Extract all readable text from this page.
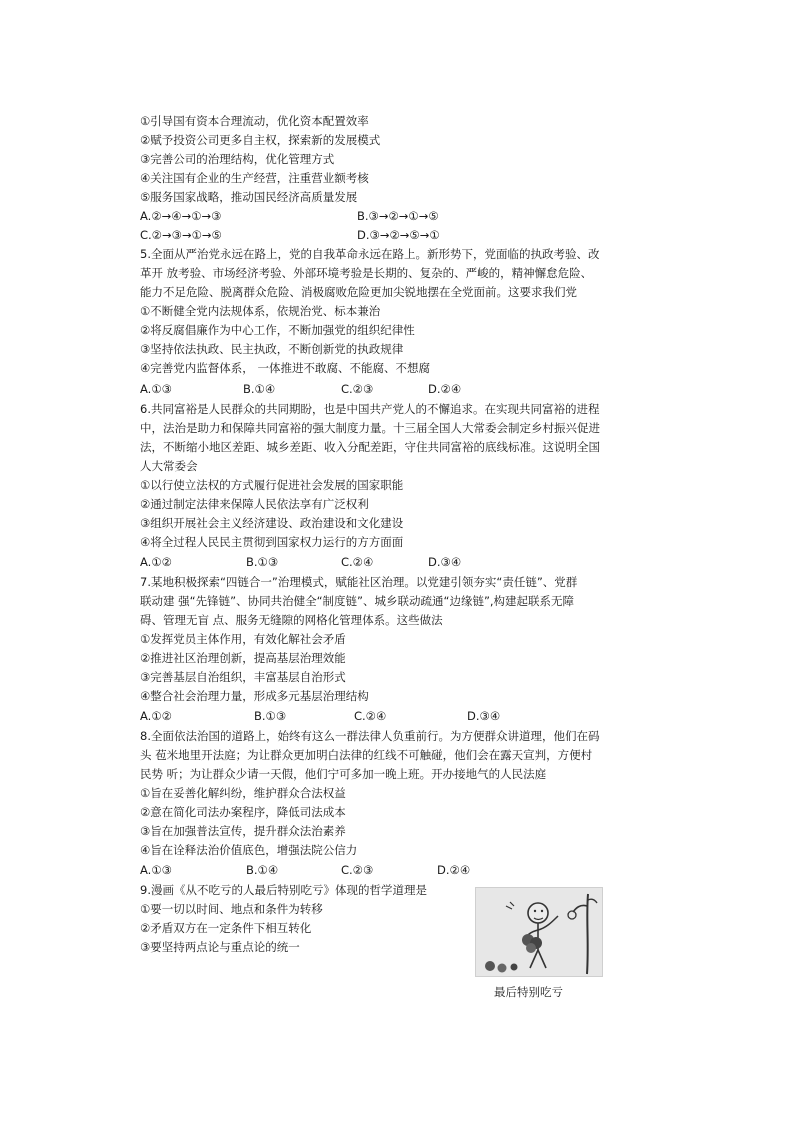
①引导国有资本合理流动，优化资本配置效率
②赋予投资公司更多自主权，探索新的发展模式
③完善公司的治理结构，优化管理方式
④关注国有企业的生产经营，注重营业额考核
⑤服务国家战略，推动国民经济高质量发展
A.②→④→①→③	B.③→②→①→⑤
C.②→③→①→⑤	D.③→②→⑤→①
5.全面从严治党永远在路上，党的自我革命永远在路上。新形势下，党面临的执政考验、改
革开 放考验、市场经济考验、外部环境考验是长期的、复杂的、严峻的，精神懈怠危险、
能力不足危险、脱离群众危险、消极腐败危险更加尖锐地摆在全党面前。这要求我们党
①不断健全党内法规体系，依规治党、标本兼治
②将反腐倡廉作为中心工作，不断加强党的组织纪律性
③坚持依法执政、民主执政，不断创新党的执政规律
④完善党内监督体系， 一体推进不敢腐、不能腐、不想腐
A.①③	B.①④	C.②③	D.②④
6.共同富裕是人民群众的共同期盼，也是中国共产党人的不懈追求。在实现共同富裕的进程
中，法治是助力和保障共同富裕的强大制度力量。十三届全国人大常委会制定乡村振兴促进
法，不断缩小地区差距、城乡差距、收入分配差距，守住共同富裕的底线标准。这说明全国
人大常委会
①以行使立法权的方式履行促进社会发展的国家职能
②通过制定法律来保障人民依法享有广泛权利
③组织开展社会主义经济建设、政治建设和文化建设
④将全过程人民民主贯彻到国家权力运行的方方面面
A.①②	B.①③	C.②④	D.③④
7.某地积极探索“四链合一”治理模式，赋能社区治理。以党建引领夯实“责任链”、党群
联动建 强“先锋链”、协同共治健全“制度链”、城乡联动疏通“边缘链”,构建起联系无障
碍、管理无盲 点、服务无缝隙的网格化管理体系。这些做法
①发挥党员主体作用，有效化解社会矛盾
②推进社区治理创新，提高基层治理效能
③完善基层自治组织，丰富基层自治形式
④整合社会治理力量，形成多元基层治理结构
A.①②	B.①③	C.②④	D.③④
8.全面依法治国的道路上，始终有这么一群法律人负重前行。为方便群众讲道理，他们在码
头 苞米地里开法庭；为让群众更加明白法律的红线不可触碰，他们会在露天宣判，方便村
民势 听；为让群众少请一天假，他们宁可多加一晚上班。开办接地气的人民法庭
①旨在妥善化解纠纷，维护群众合法权益
②意在简化司法办案程序，降低司法成本
③旨在加强普法宣传，提升群众法治素养
④旨在诠释法治价值底色，增强法院公信力
A.①③	B.①④	C.②③	D.②④
9.漫画《从不吃亏的人最后特别吃亏》体现的哲学道理是
①要一切以时间、地点和条件为转移
②矛盾双方在一定条件下相互转化
③要坚持两点论与重点论的统一
最后特别吃亏
